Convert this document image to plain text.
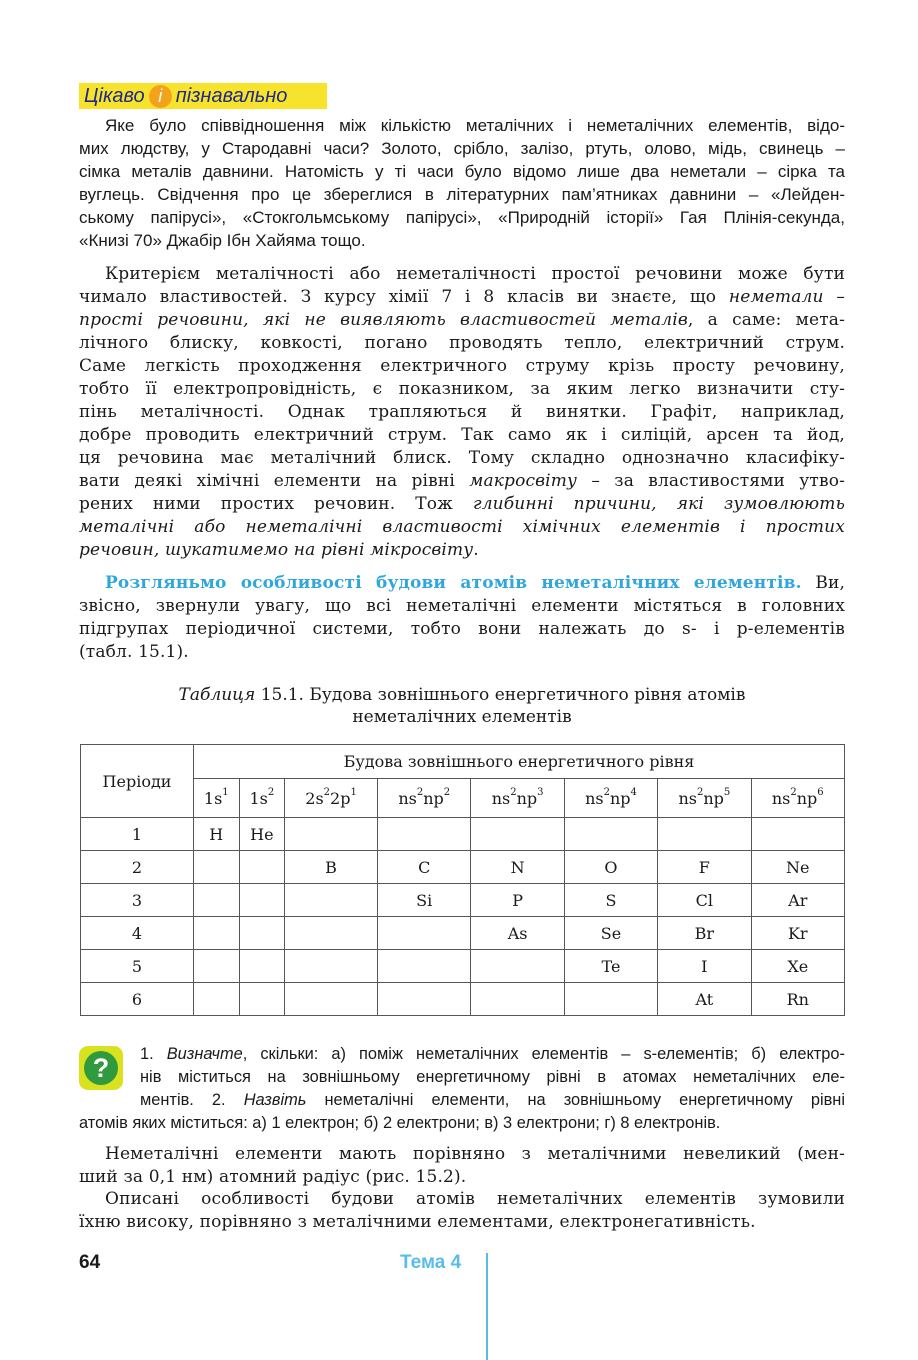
Цікаво і пізнавально
Яке було співвідношення між кількістю металічних і неметалічних елементів, відо-
мих людству, у Стародавні часи? Золото, срібло, залізо, ртуть, олово, мідь, свинець –
сімка металів давнини. Натомість у ті часи було відомо лише два неметали – сірка та
вуглець. Свідчення про це збереглися в літературних пам’ятниках давнини – «Лейден-
ському папірусі», «Стокгольмському папірусі», «Природній історії» Гая Плінія-секунда,
«Книзі 70» Джабір Ібн Хайяма тощо.
Критерієм металічності або неметалічності простої речовини може бути
чимало властивостей. З курсу хімії 7 і 8 класів ви знаєте, що неметали –
прості речовини, які не виявляють властивостей металів, а саме: мета-
лічного блиску, ковкості, погано проводять тепло, електричний струм.
Саме легкість проходження електричного струму крізь просту речовину,
тобто її електропровідність, є показником, за яким легко визначити сту-
пінь металічності. Однак трапляються й винятки. Графіт, наприклад,
добре проводить електричний струм. Так само як і силіцій, арсен та йод,
ця речовина має металічний блиск. Тому складно однозначно класифіку-
вати деякі хімічні елементи на рівні макросвіту – за властивостями утво-
рених ними простих речовин. Тож глибинні причини, які зумовлюють
металічні або неметалічні властивості хімічних елементів і простих
речовин, шукатимемо на рівні мікросвіту.
Розгляньмо особливості будови атомів неметалічних елементів. Ви,
звісно, звернули увагу, що всі неметалічні елементи містяться в головних
підгрупах періодичної системи, тобто вони належать до s- і p-елементів
(табл. 15.1).
Таблиця 15.1. Будова зовнішнього енергетичного рівня атомів
неметалічних елементів
Періоди	Будова зовнішнього енергетичного рівня							
	$1s^1$	$1s^2$	$2s^22p^1$	$ns^2np^2$	$ns^2np^3$	$ns^2np^4$	$ns^2np^5$	$ns^2np^6$
1	H	He						
2			B	C	N	O	F	Ne
3				Si	P	S	Cl	Ar
4					As	Se	Br	Kr
5						Te	I	Xe
6							At	Rn
?	1. Визначте, скільки: а) поміж неметалічних елементів – s-елементів; б) електро-
нів міститься на зовнішньому енергетичному рівні в атомах неметалічних еле-
ментів. 2. Назвіть неметалічні елементи, на зовнішньому енергетичному рівні
атомів яких міститься: а) 1 електрон; б) 2 електрони; в) 3 електрони; г) 8 електронів.
Неметалічні елементи мають порівняно з металічними невеликий (мен-
ший за 0,1 нм) атомний радіус (рис. 15.2).
Описані особливості будови атомів неметалічних елементів зумовили
їхню високу, порівняно з металічними елементами, електронегативність.
64	Тема 4
